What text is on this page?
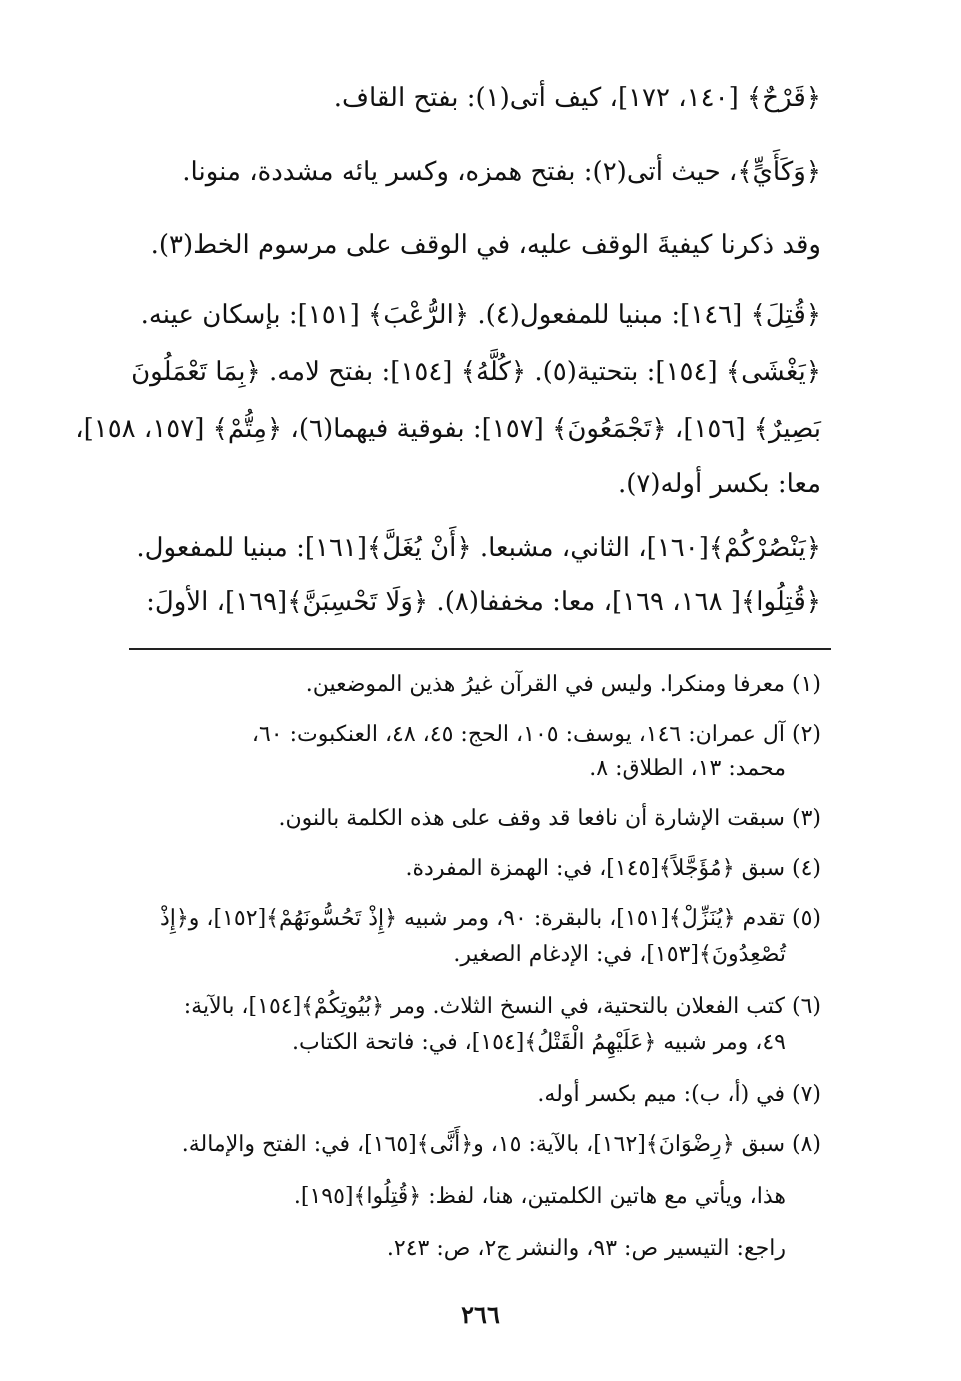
﴿قَرْحٌ﴾ [١٤٠، ١٧٢]، كيف أتى(١): بفتح القاف.
﴿وَكَأَيٍّ﴾، حيث أتى(٢): بفتح همزه، وكسر يائه مشددة، منونا.
وقد ذكرنا كيفيةَ الوقف عليه، في الوقف على مرسوم الخط(٣).
﴿قُتِلَ﴾ [١٤٦]: مبنيا للمفعول(٤). ﴿الرُّعْبَ﴾ [١٥١]: بإسكان عينه.
﴿يَغْشَى﴾ [١٥٤]: بتحتية(٥). ﴿كُلَّهُ﴾ [١٥٤]: بفتح لامه. ﴿بِمَا تَعْمَلُونَ
بَصِيرٌ﴾ [١٥٦]، ﴿تَجْمَعُونَ﴾ [١٥٧]: بفوقية فيهما(٦)، ﴿مِتُّمْ﴾ [١٥٧، ١٥٨]،
معا: بكسر أوله(٧).
﴿يَنْصُرْكُمْ﴾[١٦٠]، الثاني، مشبعا. ﴿أَنْ يُغَلَّ﴾[١٦١]: مبنيا للمفعول.
﴿قُتِلُوا﴾[ ١٦٨، ١٦٩]، معا: مخففا(٨). ﴿وَلَا تَحْسِبَنَّ﴾[١٦٩]، الأولَ:
(١) معرفا ومنكرا. وليس في القرآن غيرُ هذين الموضعين.
(٢) آل عمران: ١٤٦، يوسف: ١٠٥، الحج: ٤٥، ٤٨، العنكبوت: ٦٠،
محمد: ١٣، الطلاق: ٨.
(٣) سبقت الإشارة أن نافعا قد وقف على هذه الكلمة بالنون.
(٤) سبق ﴿مُؤَجَّلاً﴾[١٤٥]، في: الهمزة المفردة.
(٥) تقدم ﴿يُنَزِّلْ﴾[١٥١]، بالبقرة: ٩٠، ومر شبيه ﴿إِذْ تَحُسُّونَهُمْ﴾[١٥٢]، و﴿إِذْ
تُصْعِدُونَ﴾[١٥٣]، في: الإدغام الصغير.
(٦) كتب الفعلان بالتحتية، في النسخ الثلاث. ومر ﴿بُيُوتِكُمْ﴾[١٥٤]، بالآية:
٤٩، ومر شبيه ﴿عَلَيْهِمُ الْقَتْلُ﴾[١٥٤]، في: فاتحة الكتاب.
(٧) في (أ، ب): ميم بكسر أوله.
(٨) سبق ﴿رِضْوَانَ﴾[١٦٢]، بالآية: ١٥، و﴿أَنَّى﴾[١٦٥]، في: الفتح والإمالة.
هذا، ويأتي مع هاتين الكلمتين، هنا، لفظ: ﴿قُتِلُوا﴾[١٩٥].
راجع: التيسير ص: ٩٣، والنشر ج٢، ص: ٢٤٣.
٢٦٦
